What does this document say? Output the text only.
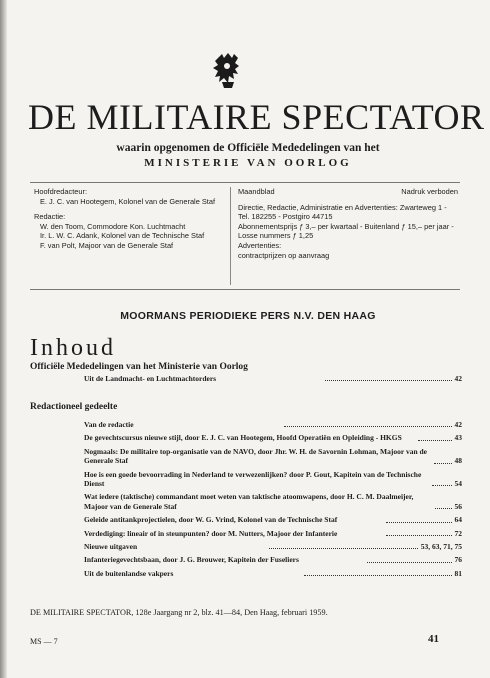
DE MILITAIRE SPECTATOR
waarin opgenomen de Officiële Mededelingen van het
MINISTERIE VAN OORLOG
Hoofdredacteur:
E. J. C. van Hootegem, Kolonel van de Generale Staf
Redactie:
W. den Toom, Commodore Kon. Luchtmacht
Ir. L. W. C. Adank, Kolonel van de Technische Staf
F. van Polt, Majoor van de Generale Staf
Maandblad	Nadruk verboden
Directie, Redactie, Administratie en Advertenties: Zwarteweg 1 - Tel. 182255 - Postgiro 44715
Abonnementsprijs ƒ 3,– per kwartaal - Buitenland ƒ 15,– per jaar - Losse nummers ƒ 1,25
Advertenties:
contractprijzen op aanvraag
MOORMANS PERIODIEKE PERS N.V. DEN HAAG
Inhoud
Officiële Mededelingen van het Ministerie van Oorlog
Uit de Landmacht- en Luchtmachtorders	42
Redactioneel gedeelte
Van de redactie	42
De gevechtscursus nieuwe stijl, door E. J. C. van Hootegem, Hoofd Operatiën en Opleiding - HKGS	43
Nogmaals: De militaire top-organisatie van de NAVO, door Jhr. W. H. de Savornin Lohman, Majoor van de Generale Staf	48
Hoe is een goede bevoorrading in Nederland te verwezenlijken? door P. Gout, Kapitein van de Technische Dienst	54
Wat iedere (taktische) commandant moet weten van taktische atoomwapens, door H. C. M. Daalmeijer, Majoor van de Generale Staf	56
Geleide antitankprojectielen, door W. G. Vrind, Kolonel van de Technische Staf	64
Verdediging: lineair of in steunpunten? door M. Nutters, Majoor der Infanterie	72
Nieuwe uitgaven	53, 63, 71, 75
Infanteriegevechtsbaan, door J. G. Brouwer, Kapitein der Fuseliers	76
Uit de buitenlandse vakpers	81
DE MILITAIRE SPECTATOR, 128e Jaargang nr 2, blz. 41—84, Den Haag, februari 1959.
MS — 7	41
